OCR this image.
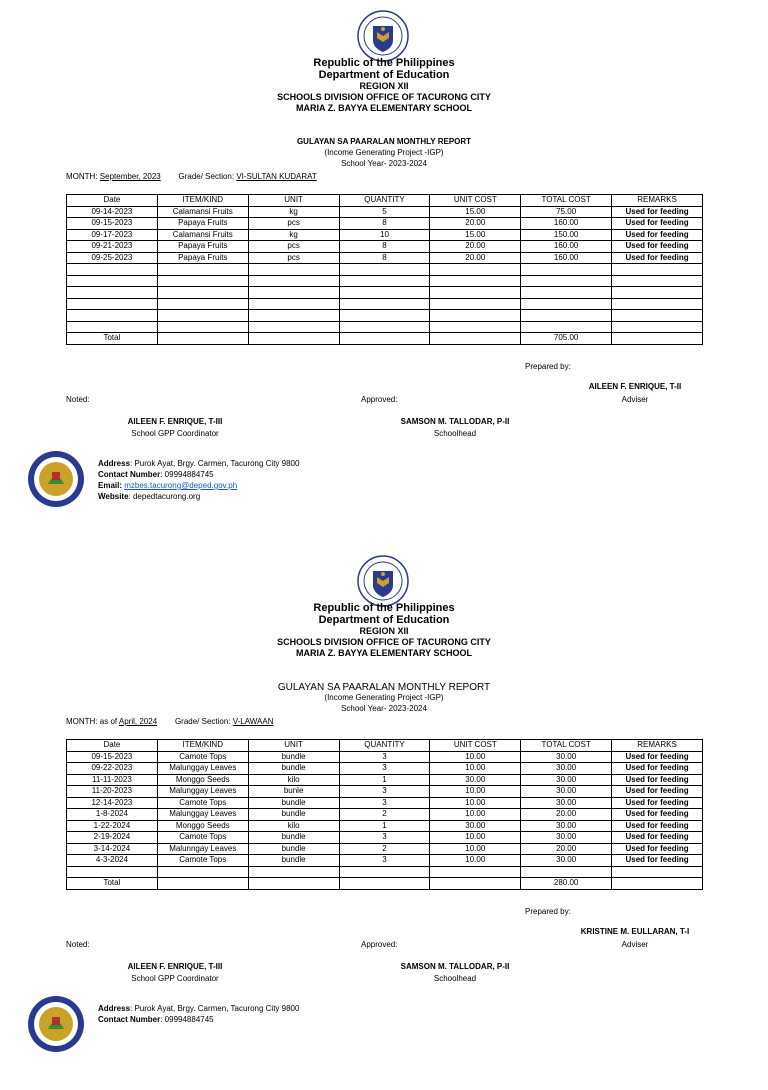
Republic of the Philippines
Department of Education
REGION XII
SCHOOLS DIVISION OFFICE OF TACURONG CITY
MARIA Z. BAYYA ELEMENTARY SCHOOL
GULAYAN SA PAARALAN MONTHLY REPORT
(Income Generating Project -IGP)
School Year- 2023-2024
MONTH: September, 2023 Grade/ Section: VI-SULTAN KUDARAT
Date	ITEM/KIND	UNIT	QUANTITY	UNIT COST	TOTAL COST	REMARKS
09-14-2023	Calamansi Fruits	kg	5	15.00	75.00	Used for feeding
09-15-2023	Papaya Fruits	pcs	8	20.00	160.00	Used for feeding
09-17-2023	Calamansi Fruits	kg	10	15.00	150.00	Used for feeding
09-21-2023	Papaya Fruits	pcs	8	20.00	160.00	Used for feeding
09-25-2023	Papaya Fruits	pcs	8	20.00	160.00	Used for feeding

Total					705.00	
Prepared by:
AILEEN F. ENRIQUE, T-II
Adviser
Noted:	Approved:
AILEEN F. ENRIQUE, T-III
School GPP Coordinator
SAMSON M. TALLODAR, P-II
Schoolhead
Address: Purok Ayat, Brgy. Carmen, Tacurong City 9800
Contact Number: 09994884745
Email: mzbes.tacurong@deped.gov.ph
Website: depedtacurong.org
Republic of the Philippines
Department of Education
REGION XII
SCHOOLS DIVISION OFFICE OF TACURONG CITY
MARIA Z. BAYYA ELEMENTARY SCHOOL
GULAYAN SA PAARALAN MONTHLY REPORT
(Income Generating Project -IGP)
School Year- 2023-2024
MONTH: as of April, 2024 Grade/ Section: V-LAWAAN
Date	ITEM/KIND	UNIT	QUANTITY	UNIT COST	TOTAL COST	REMARKS
09-15-2023	Camote Tops	bundle	3	10.00	30.00	Used for feeding
09-22-2023	Malunggay Leaves	bundle	3	10.00	30.00	Used for feeding
11-11-2023	Monggo Seeds	kilo	1	30.00	30.00	Used for feeding
11-20-2023	Malunggay Leaves	bunle	3	10.00	30.00	Used for feeding
12-14-2023	Camote Tops	bundle	3	10.00	30.00	Used for feeding
1-8-2024	Malunggay Leaves	bundle	2	10.00	20.00	Used for feeding
1-22-2024	Monggo Seeds	kilo	1	30.00	30.00	Used for feeding
2-19-2024	Camote Tops	bundle	3	10.00	30.00	Used for feeding
3-14-2024	Malunngay Leaves	bundle	2	10.00	20.00	Used for feeding
4-3-2024	Camote Tops	bundle	3	10.00	30.00	Used for feeding

Total					280.00	
Prepared by:
KRISTINE M. EULLARAN, T-I
Adviser
Noted:	Approved:
AILEEN F. ENRIQUE, T-III
School GPP Coordinator
SAMSON M. TALLODAR, P-II
Schoolhead
Address: Purok Ayat, Brgy. Carmen, Tacurong City 9800
Contact Number: 09994884745
